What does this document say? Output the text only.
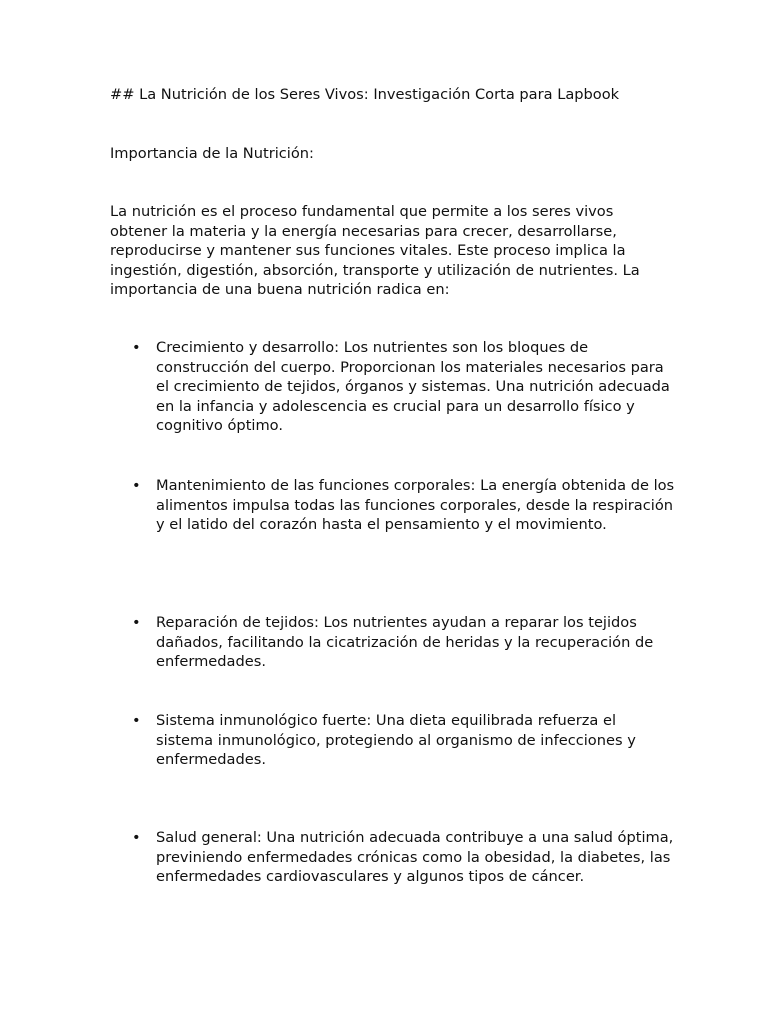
## La Nutrición de los Seres Vivos: Investigación Corta para Lapbook
Importancia de la Nutrición:

La nutrición es el proceso fundamental que permite a los seres vivos obtener la materia y la energía necesarias para crecer, desarrollarse, reproducirse y mantener sus funciones vitales. Este proceso implica la ingestión, digestión, absorción, transporte y utilización de nutrientes. La importancia de una buena nutrición radica en:

• Crecimiento y desarrollo: Los nutrientes son los bloques de construcción del cuerpo. Proporcionan los materiales necesarios para el crecimiento de tejidos, órganos y sistemas. Una nutrición adecuada en la infancia y adolescencia es crucial para un desarrollo físico y cognitivo óptimo.
• Mantenimiento de las funciones corporales: La energía obtenida de los alimentos impulsa todas las funciones corporales, desde la respiración y el latido del corazón hasta el pensamiento y el movimiento.
• Reparación de tejidos: Los nutrientes ayudan a reparar los tejidos dañados, facilitando la cicatrización de heridas y la recuperación de enfermedades.
• Sistema inmunológico fuerte: Una dieta equilibrada refuerza el sistema inmunológico, protegiendo al organismo de infecciones y enfermedades.
• Salud general: Una nutrición adecuada contribuye a una salud óptima, previniendo enfermedades crónicas como la obesidad, la diabetes, las enfermedades cardiovasculares y algunos tipos de cáncer.
